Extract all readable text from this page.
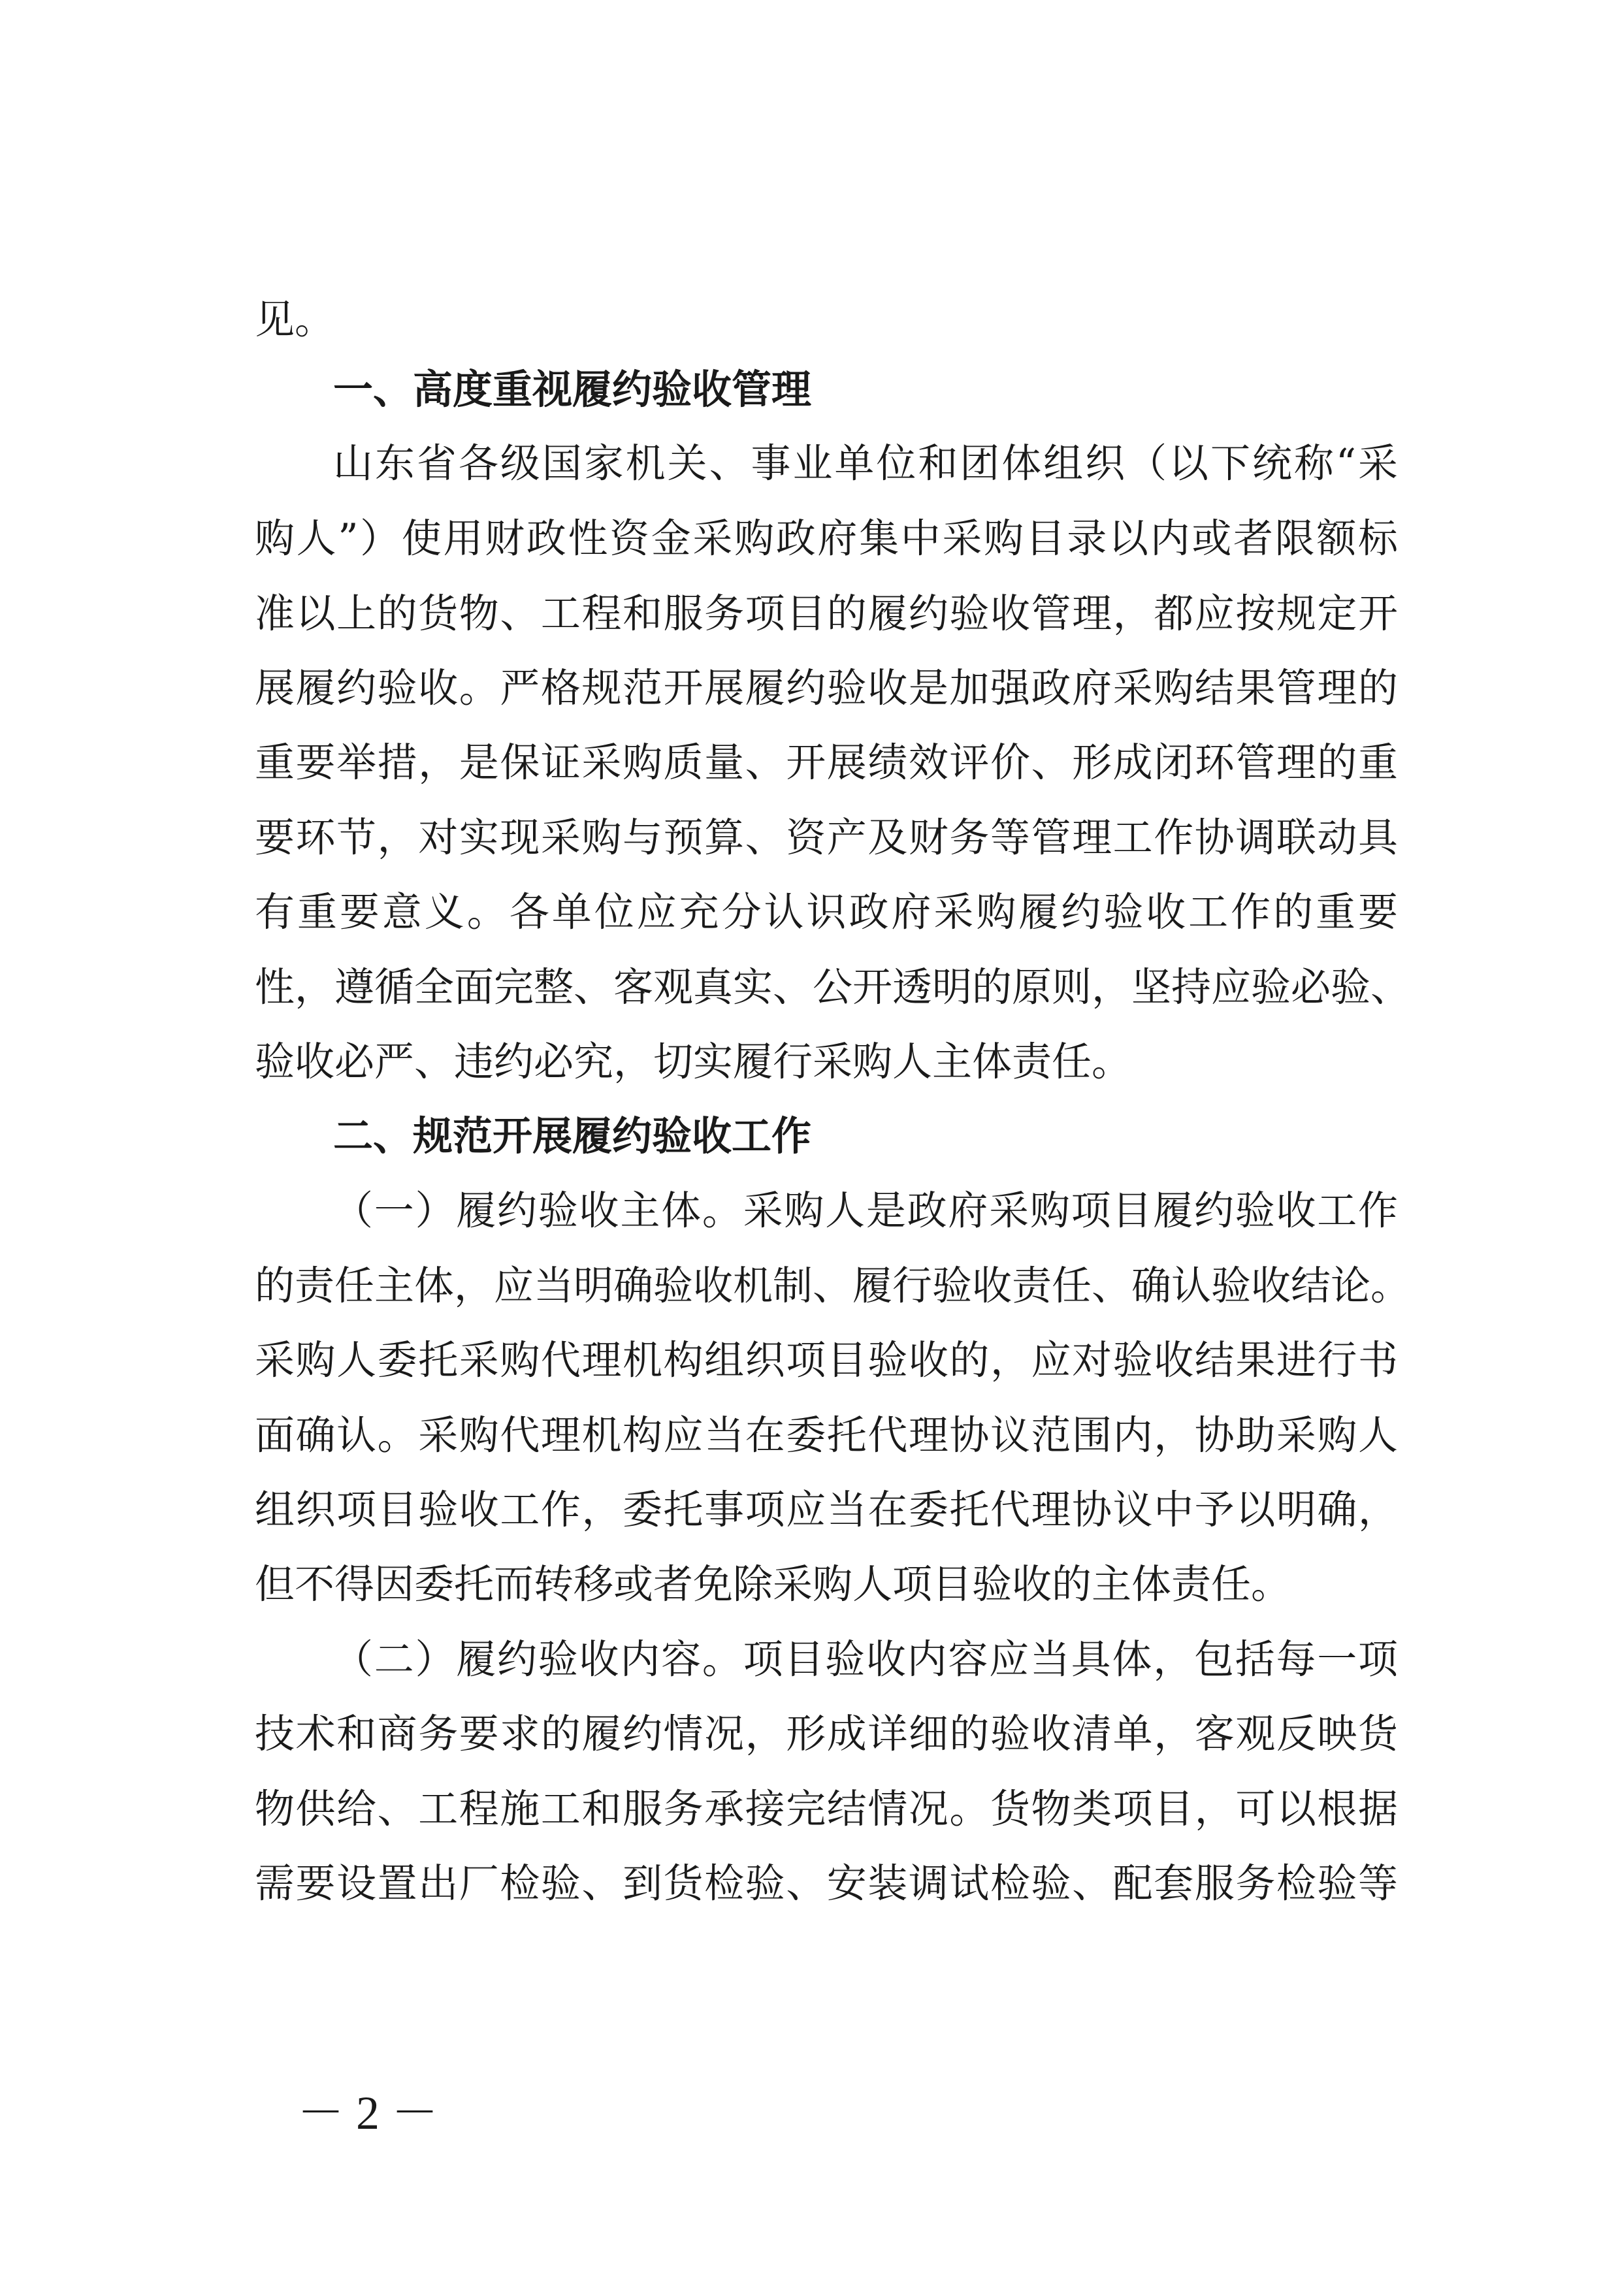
见。
一、高度重视履约验收管理
山东省各级国家机关、事业单位和团体组织（以下统称“采
购人”）使用财政性资金采购政府集中采购目录以内或者限额标
准以上的货物、工程和服务项目的履约验收管理，都应按规定开
展履约验收。严格规范开展履约验收是加强政府采购结果管理的
重要举措，是保证采购质量、开展绩效评价、形成闭环管理的重
要环节，对实现采购与预算、资产及财务等管理工作协调联动具
有重要意义。各单位应充分认识政府采购履约验收工作的重要
性，遵循全面完整、客观真实、公开透明的原则，坚持应验必验、
验收必严、违约必究，切实履行采购人主体责任。
二、规范开展履约验收工作
（一）履约验收主体。采购人是政府采购项目履约验收工作
的责任主体，应当明确验收机制、履行验收责任、确认验收结论。
采购人委托采购代理机构组织项目验收的，应对验收结果进行书
面确认。采购代理机构应当在委托代理协议范围内，协助采购人
组织项目验收工作，委托事项应当在委托代理协议中予以明确，
但不得因委托而转移或者免除采购人项目验收的主体责任。
（二）履约验收内容。项目验收内容应当具体，包括每一项
技术和商务要求的履约情况，形成详细的验收清单，客观反映货
物供给、工程施工和服务承接完结情况。货物类项目，可以根据
需要设置出厂检验、到货检验、安装调试检验、配套服务检验等
－ 2 －
